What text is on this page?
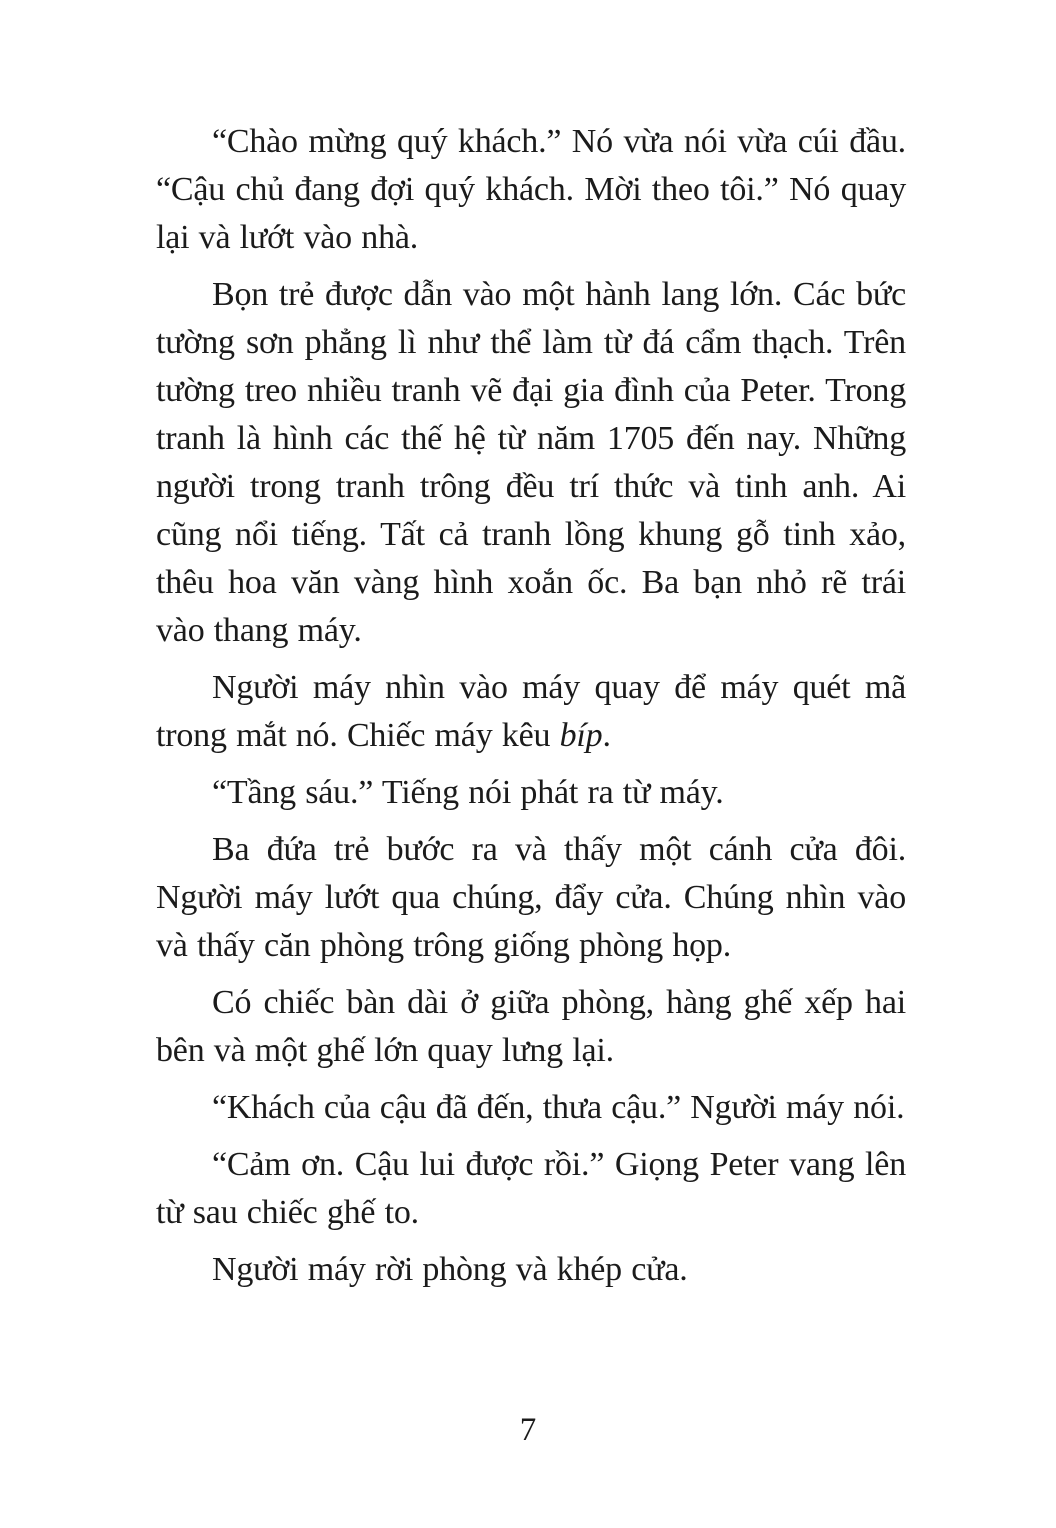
“Chào mừng quý khách.” Nó vừa nói vừa cúi đầu. “Cậu chủ đang đợi quý khách. Mời theo tôi.” Nó quay lại và lướt vào nhà.

Bọn trẻ được dẫn vào một hành lang lớn. Các bức tường sơn phẳng lì như thể làm từ đá cẩm thạch. Trên tường treo nhiều tranh vẽ đại gia đình của Peter. Trong tranh là hình các thế hệ từ năm 1705 đến nay. Những người trong tranh trông đều trí thức và tinh anh. Ai cũng nổi tiếng. Tất cả tranh lồng khung gỗ tinh xảo, thêu hoa văn vàng hình xoắn ốc. Ba bạn nhỏ rẽ trái vào thang máy.

Người máy nhìn vào máy quay để máy quét mã trong mắt nó. Chiếc máy kêu bíp.

“Tầng sáu.” Tiếng nói phát ra từ máy.

Ba đứa trẻ bước ra và thấy một cánh cửa đôi. Người máy lướt qua chúng, đẩy cửa. Chúng nhìn vào và thấy căn phòng trông giống phòng họp.

Có chiếc bàn dài ở giữa phòng, hàng ghế xếp hai bên và một ghế lớn quay lưng lại.

“Khách của cậu đã đến, thưa cậu.” Người máy nói.

“Cảm ơn. Cậu lui được rồi.” Giọng Peter vang lên từ sau chiếc ghế to.

Người máy rời phòng và khép cửa.

7
